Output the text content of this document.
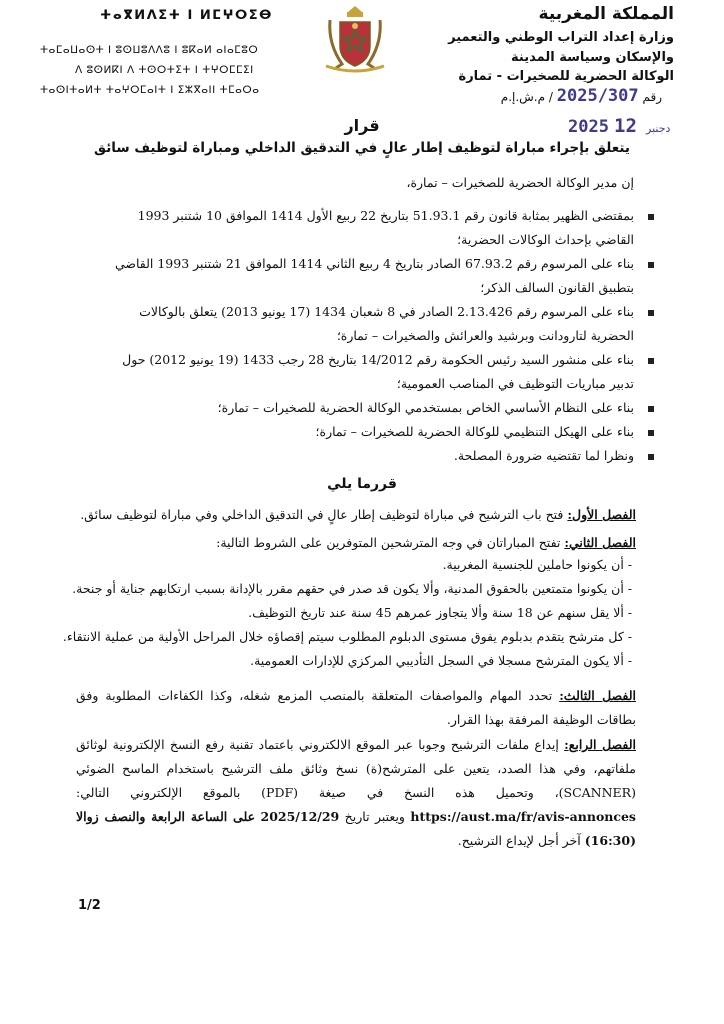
ⵜⴰⴳⵍⴷⵉⵜ ⵏ ⵍⵎⵖⵔⵉⴱ
ⵜⴰⵎⴰⵡⴰⵙⵜ ⵏ ⵓⵙⵡⵓⴷⴷⵓ ⵏ ⵓⴽⴰⵍ ⴰⵏⴰⵎⵓⵔ
ⴷ ⵓⵙⵍⴽⵏ ⴷ ⵜⵙⵔⵜⵉⵜ ⵏ ⵜⵖⵔⵎⵎⵉⵏ
ⵜⴰⵙⵏⵜⴰⵍⵜ ⵜⴰⵖⵔⵎⴰⵏⵜ ⵏ ⵉⵣⴳⴰⵏⵏ ⵜⵎⴰⵔⴰ
المملكة المغربية
وزارة إعداد التراب الوطني والتعمير
والإسكان وسياسة المدينة
الوكالة الحضرية للصخيرات - تمارة
رقم 2025/307 / م.ش.إ.م
2025	دجنبر 12
قرار
يتعلق بإجراء مباراة لتوظيف إطار عالٍ في التدقيق الداخلي ومباراة لتوظيف سائق
إن مدير الوكالة الحضرية للصخيرات – تمارة،
بمقتضى الظهير بمثابة قانون رقم 51.93.1 بتاريخ 22 ربيع الأول 1414 الموافق 10 شتنبر 1993 القاضي بإحداث الوكالات الحضرية؛
بناء على المرسوم رقم 67.93.2 الصادر بتاريخ 4 ربيع الثاني 1414 الموافق 21 شتنبر 1993 القاضي بتطبيق القانون السالف الذكر؛
بناء على المرسوم رقم 2.13.426 الصادر في 8 شعبان 1434 (17 يونيو 2013) يتعلق بالوكالات الحضرية لتارودانت وبرشيد والعرائش والصخيرات – تمارة؛
بناء على منشور السيد رئيس الحكومة رقم 14/2012 بتاريخ 28 رجب 1433 (19 يونيو 2012) حول تدبير مباريات التوظيف في المناصب العمومية؛
بناء على النظام الأساسي الخاص بمستخدمي الوكالة الحضرية للصخيرات – تمارة؛
بناء على الهيكل التنظيمي للوكالة الحضرية للصخيرات – تمارة؛
ونظرا لما تقتضيه ضرورة المصلحة.
قررما يلي
الفصل الأول: فتح باب الترشيح في مباراة لتوظيف إطار عالٍ في التدقيق الداخلي وفي مباراة لتوظيف سائق.
الفصل الثاني: تفتح المباراتان في وجه المترشحين المتوفرين على الشروط التالية:
- أن يكونوا حاملين للجنسية المغربية.
- أن يكونوا متمتعين بالحقوق المدنية، وألا يكون قد صدر في حقهم مقرر بالإدانة بسبب ارتكابهم جناية أو جنحة.
- ألا يقل سنهم عن 18 سنة وألا يتجاوز عمرهم 45 سنة عند تاريخ التوظيف.
- كل مترشح يتقدم بدبلوم يفوق مستوى الدبلوم المطلوب سيتم إقصاؤه خلال المراحل الأولية من عملية الانتقاء.
- ألا يكون المترشح مسجلا في السجل التأديبي المركزي للإدارات العمومية.
الفصل الثالث: تحدد المهام والمواصفات المتعلقة بالمنصب المزمع شغله، وكذا الكفاءات المطلوبة وفق بطاقات الوظيفة المرفقة بهذا القرار.
الفصل الرابع: إيداع ملفات الترشيح وجوبا عبر الموقع الالكتروني باعتماد تقنية رفع النسخ الإلكترونية لوثائق ملفاتهم، وفي هذا الصدد، يتعين على المترشح(ة) نسخ وثائق ملف الترشيح باستخدام الماسح الضوئي (SCANNER)، وتحميل هذه النسخ في صيغة (PDF) بالموقع الإلكتروني التالي: https://aust.ma/fr/avis-annonces ويعتبر تاريخ 2025/12/29 على الساعة الرابعة والنصف زوالا (16:30) آخر أجل لإيداع الترشيح.
1/2
